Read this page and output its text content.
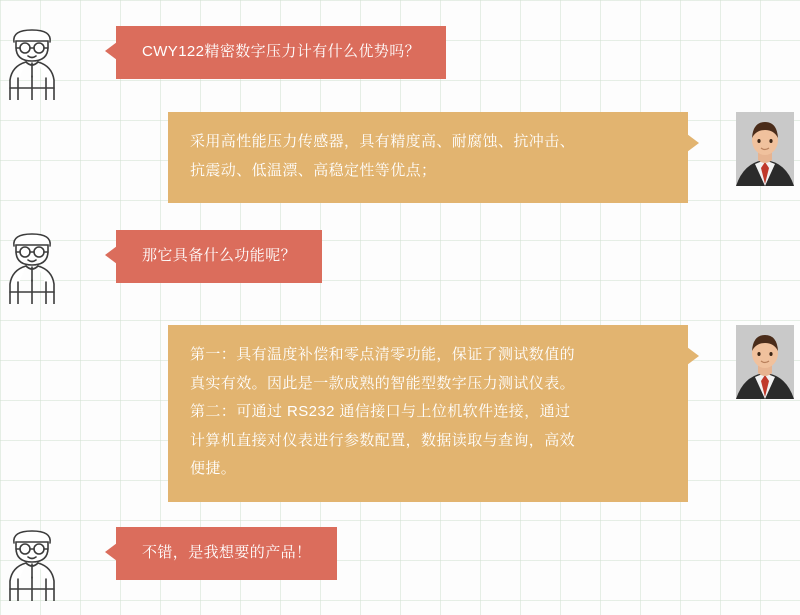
CWY122精密数字压力计有什么优势吗？

采用高性能压力传感器，具有精度高、耐腐蚀、抗冲击、

抗震动、低温漂、高稳定性等优点；

那它具备什么功能呢？

第一：具有温度补偿和零点清零功能，保证了测试数值的

真实有效。因此是一款成熟的智能型数字压力测试仪表。

第二：可通过 RS232 通信接口与上位机软件连接，通过

计算机直接对仪表进行参数配置，数据读取与查询，高效

便捷。

不错，是我想要的产品！
